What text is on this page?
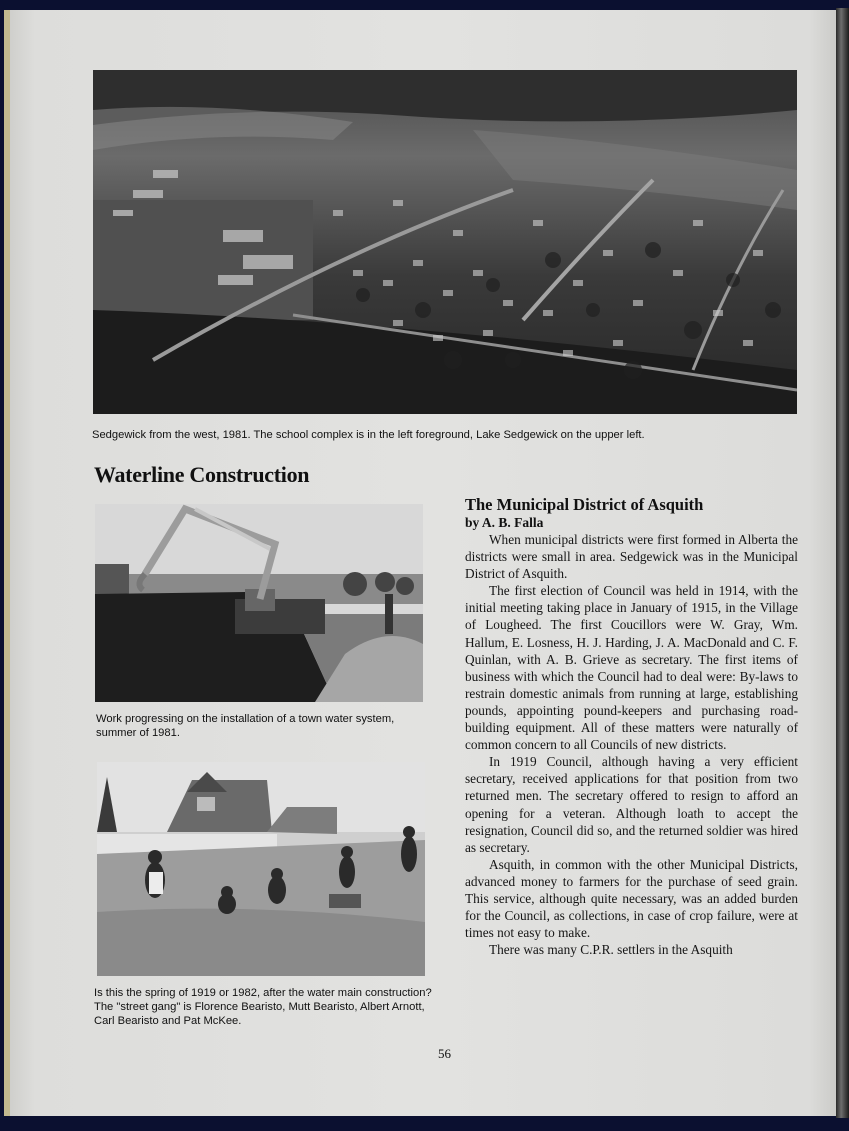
Sedgewick from the west, 1981. The school complex is in the left foreground, Lake Sedgewick on the upper left.
Waterline Construction
Work progressing on the installation of a town water system, summer of 1981.
Is this the spring of 1919 or 1982, after the water main construction? The "street gang" is Florence Bearisto, Mutt Bearisto, Albert Arnott, Carl Bearisto and Pat McKee.
The Municipal District of Asquith
by A. B. Falla

When municipal districts were first formed in Alberta the districts were small in area. Sedgewick was in the Municipal District of Asquith.

The first election of Council was held in 1914, with the initial meeting taking place in January of 1915, in the Village of Lougheed. The first Coucillors were W. Gray, Wm. Hallum, E. Losness, H. J. Harding, J. A. MacDonald and C. F. Quinlan, with A. B. Grieve as secretary. The first items of business with which the Council had to deal were: By-laws to restrain domestic animals from running at large, establishing pounds, appointing pound-keepers and purchasing road-building equipment. All of these matters were naturally of common concern to all Councils of new districts.

In 1919 Council, although having a very efficient secretary, received applications for that position from two returned men. The secretary offered to resign to afford an opening for a veteran. Although loath to accept the resignation, Council did so, and the returned soldier was hired as secretary.

Asquith, in common with the other Municipal Districts, advanced money to farmers for the purchase of seed grain. This service, although quite necessary, was an added burden for the Council, as collections, in case of crop failure, were at times not easy to make.

There was many C.P.R. settlers in the Asquith

56
